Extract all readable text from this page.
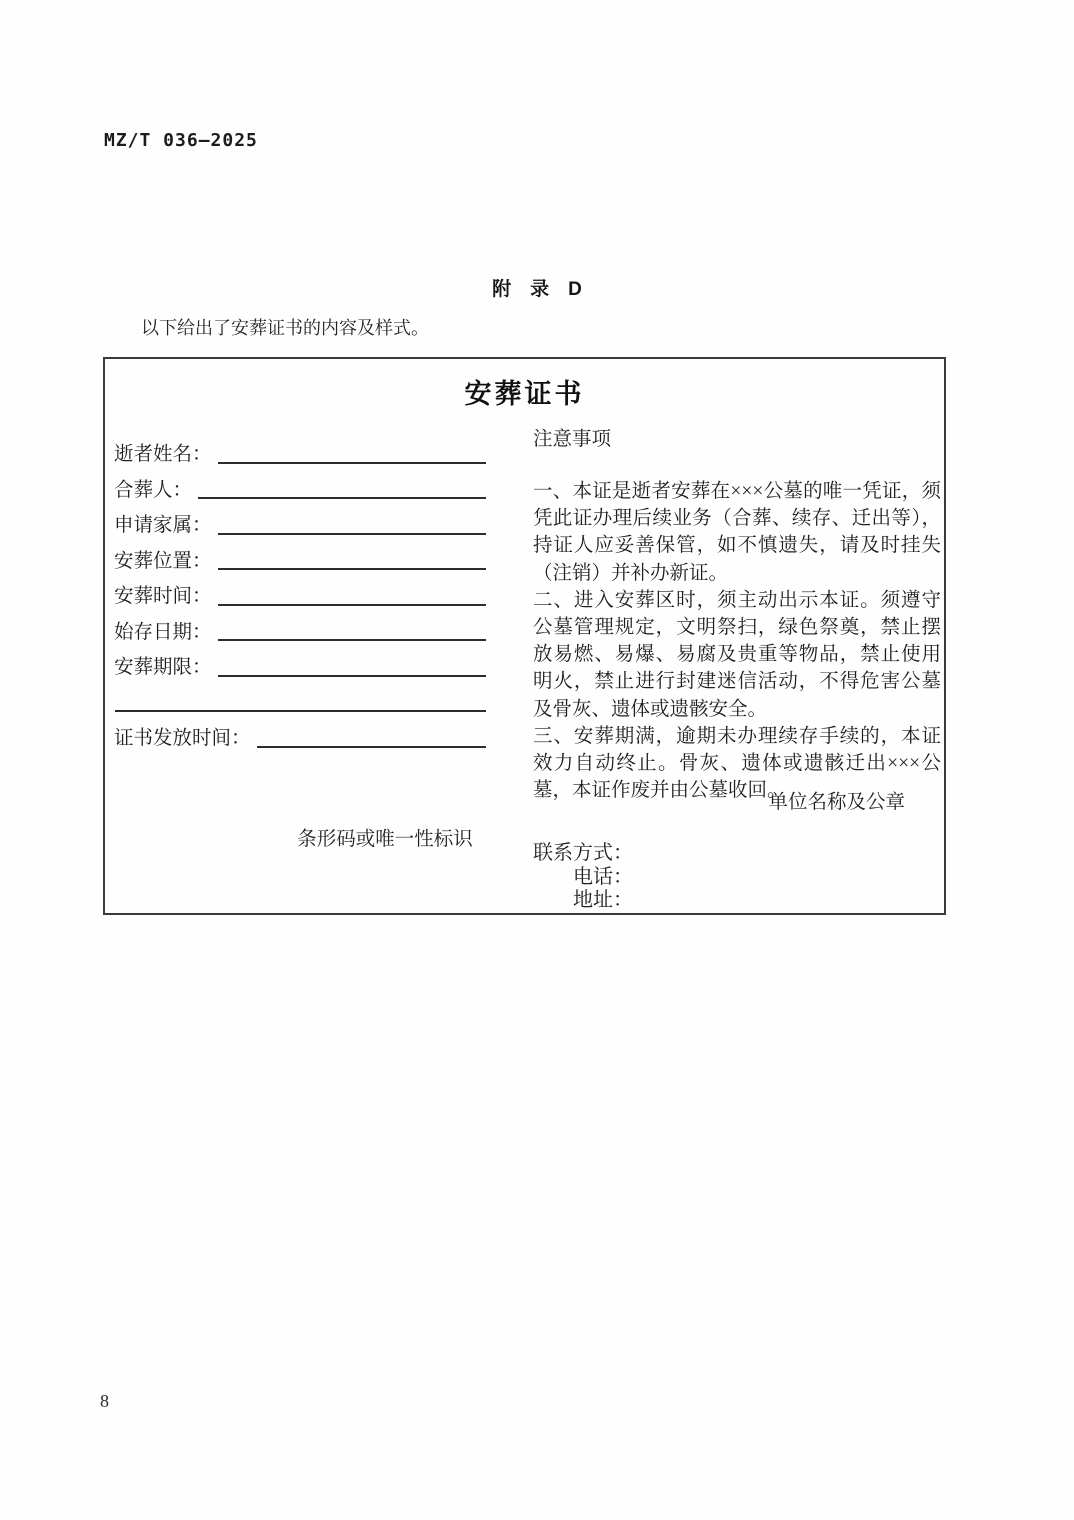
MZ/T 036—2025

附　录　D

以下给出了安葬证书的内容及样式。
安葬证书
逝者姓名：
合葬人：
申请家属：
安葬位置：
安葬时间：
始存日期：
安葬期限：
证书发放时间：
条形码或唯一性标识
注意事项

一、本证是逝者安葬在×××公墓的唯一凭证，须凭此证办理后续业务（合葬、续存、迁出等），持证人应妥善保管，如不慎遗失，请及时挂失（注销）并补办新证。

二、进入安葬区时，须主动出示本证。须遵守公墓管理规定，文明祭扫，绿色祭奠，禁止摆放易燃、易爆、易腐及贵重等物品，禁止使用明火，禁止进行封建迷信活动，不得危害公墓及骨灰、遗体或遗骸安全。

三、安葬期满，逾期未办理续存手续的，本证效力自动终止。骨灰、遗体或遗骸迁出×××公墓，本证作废并由公墓收回。

单位名称及公章
联系方式：
电话：
地址：
8
